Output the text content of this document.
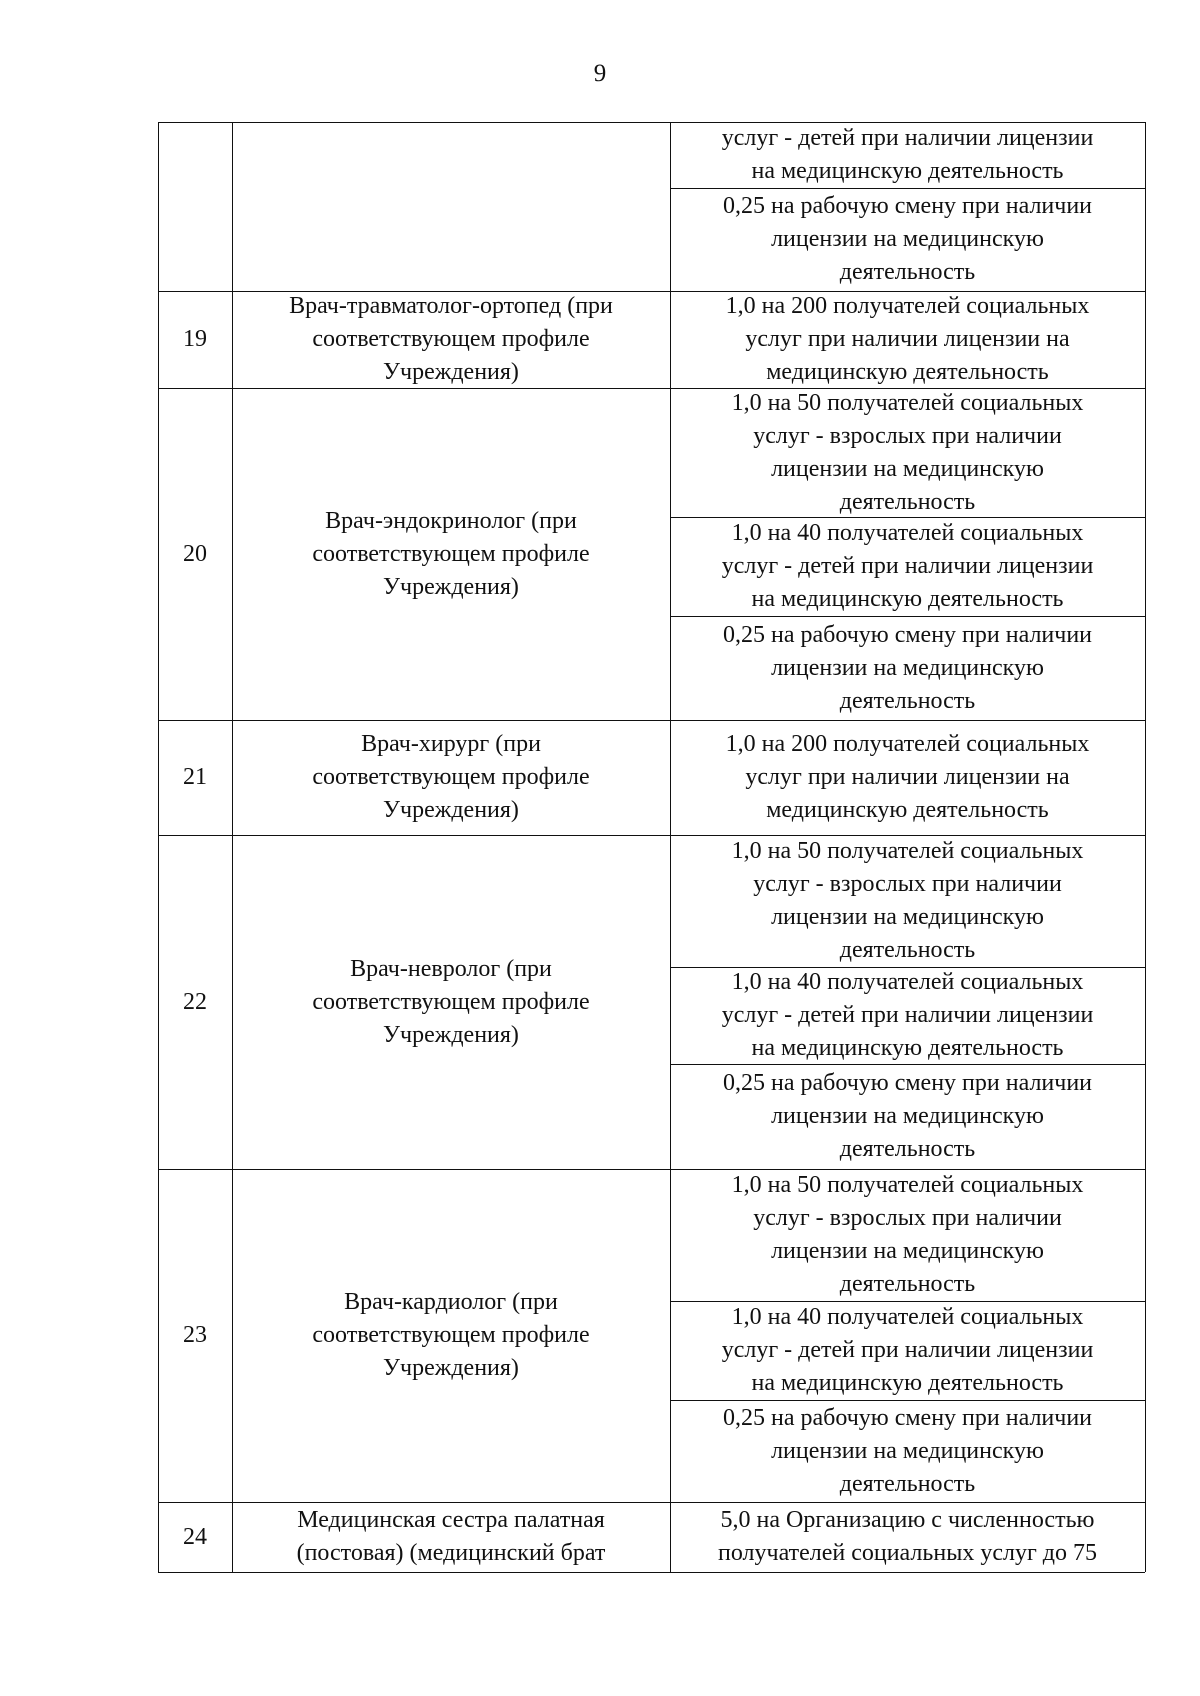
9
услуг - детей при наличии лицензии
на медицинскую деятельность
0,25 на рабочую смену при наличии
лицензии на медицинскую
деятельность
19
Врач-травматолог-ортопед (при
соответствующем профиле
Учреждения)
1,0 на 200 получателей социальных
услуг при наличии лицензии на
медицинскую деятельность
20
Врач-эндокринолог (при
соответствующем профиле
Учреждения)
1,0 на 50 получателей социальных
услуг - взрослых при наличии
лицензии на медицинскую
деятельность
1,0 на 40 получателей социальных
услуг - детей при наличии лицензии
на медицинскую деятельность
0,25 на рабочую смену при наличии
лицензии на медицинскую
деятельность
21
Врач-хирург (при
соответствующем профиле
Учреждения)
1,0 на 200 получателей социальных
услуг при наличии лицензии на
медицинскую деятельность
22
Врач-невролог (при
соответствующем профиле
Учреждения)
1,0 на 50 получателей социальных
услуг - взрослых при наличии
лицензии на медицинскую
деятельность
1,0 на 40 получателей социальных
услуг - детей при наличии лицензии
на медицинскую деятельность
0,25 на рабочую смену при наличии
лицензии на медицинскую
деятельность
23
Врач-кардиолог (при
соответствующем профиле
Учреждения)
1,0 на 50 получателей социальных
услуг - взрослых при наличии
лицензии на медицинскую
деятельность
1,0 на 40 получателей социальных
услуг - детей при наличии лицензии
на медицинскую деятельность
0,25 на рабочую смену при наличии
лицензии на медицинскую
деятельность
24
Медицинская сестра палатная
(постовая) (медицинский брат
5,0 на Организацию с численностью
получателей социальных услуг до 75
